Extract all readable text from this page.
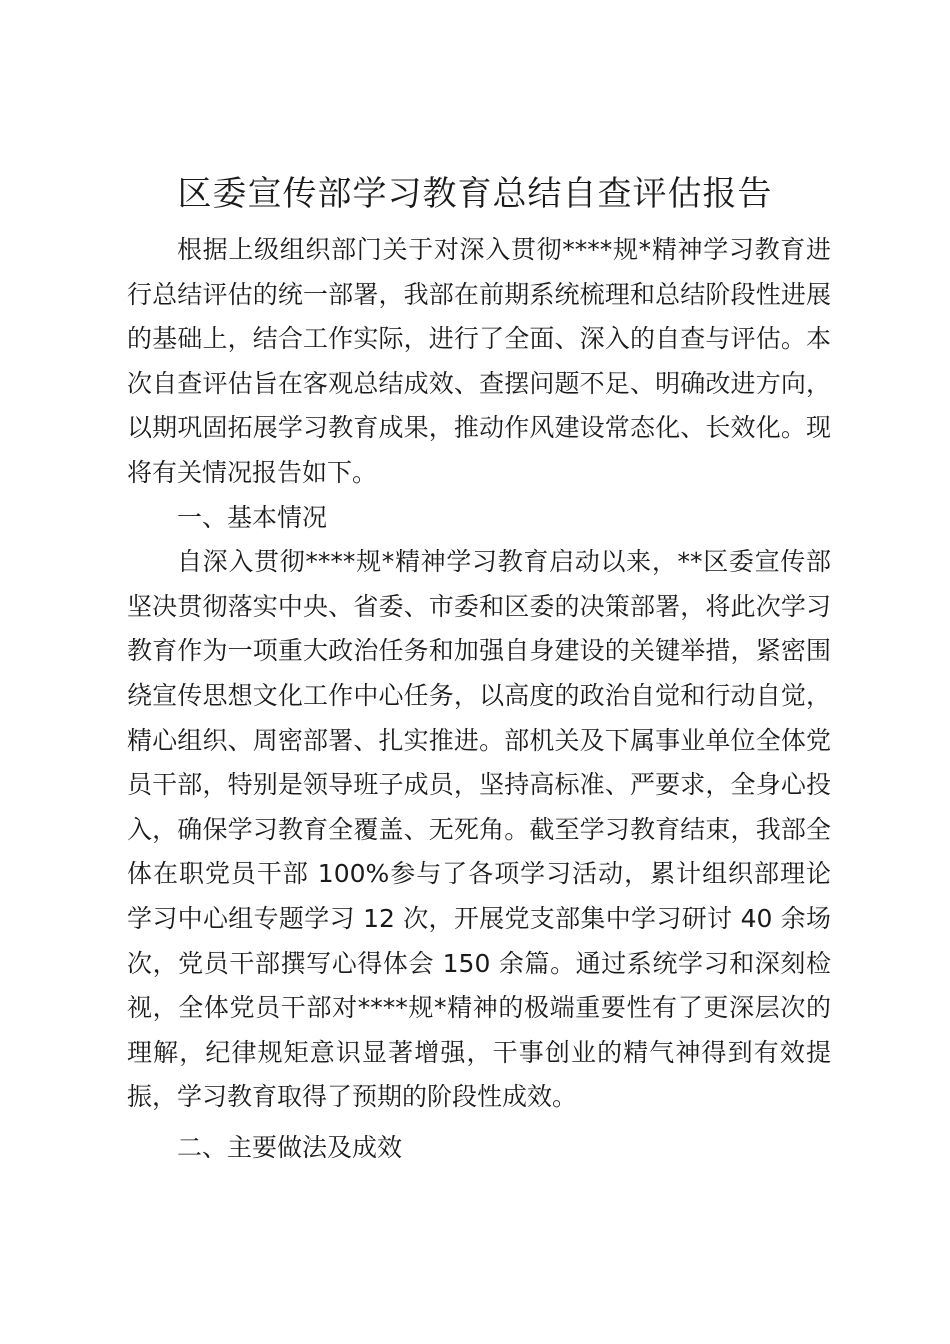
区委宣传部学习教育总结自查评估报告

根据上级组织部门关于对深入贯彻****规*精神学习教育进行总结评估的统一部署，我部在前期系统梳理和总结阶段性进展的基础上，结合工作实际，进行了全面、深入的自查与评估。本次自查评估旨在客观总结成效、查摆问题不足、明确改进方向，以期巩固拓展学习教育成果，推动作风建设常态化、长效化。现将有关情况报告如下。

一、基本情况

自深入贯彻****规*精神学习教育启动以来，**区委宣传部坚决贯彻落实中央、省委、市委和区委的决策部署，将此次学习教育作为一项重大政治任务和加强自身建设的关键举措，紧密围绕宣传思想文化工作中心任务，以高度的政治自觉和行动自觉，精心组织、周密部署、扎实推进。部机关及下属事业单位全体党员干部，特别是领导班子成员，坚持高标准、严要求，全身心投入，确保学习教育全覆盖、无死角。截至学习教育结束，我部全体在职党员干部 100%参与了各项学习活动，累计组织部理论学习中心组专题学习 12 次，开展党支部集中学习研讨 40 余场次，党员干部撰写心得体会 150 余篇。通过系统学习和深刻检视，全体党员干部对****规*精神的极端重要性有了更深层次的理解，纪律规矩意识显著增强，干事创业的精气神得到有效提振，学习教育取得了预期的阶段性成效。

二、主要做法及成效
